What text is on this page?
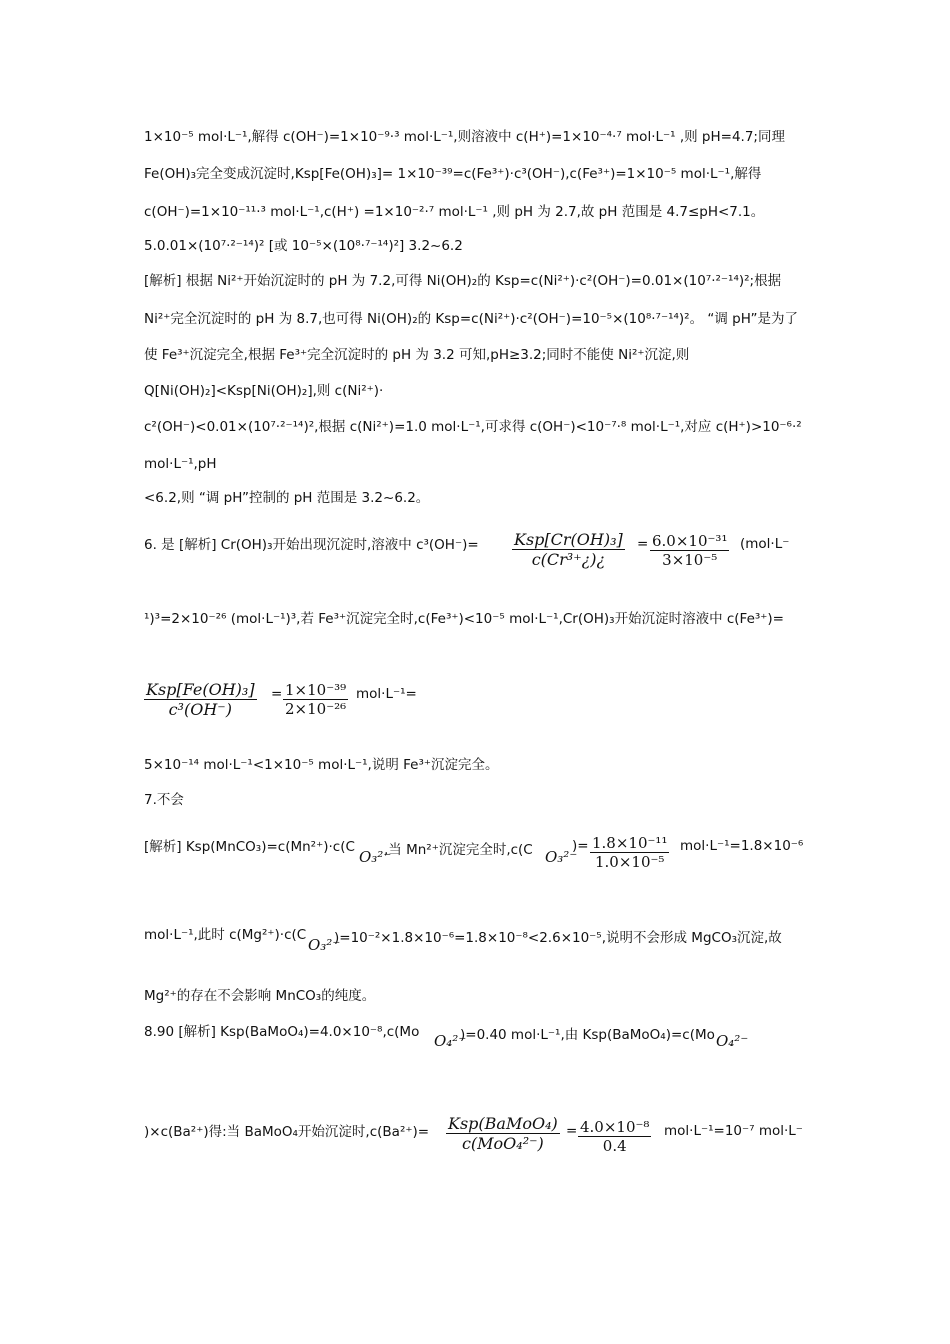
1×10⁻⁵ mol·L⁻¹,解得 c(OH⁻)=1×10⁻⁹·³ mol·L⁻¹,则溶液中 c(H⁺)=1×10⁻⁴·⁷ mol·L⁻¹ ,则 pH=4.7;同理
Fe(OH)₃完全变成沉淀时,Ksp[Fe(OH)₃]= 1×10⁻³⁹=c(Fe³⁺)·c³(OH⁻),c(Fe³⁺)=1×10⁻⁵ mol·L⁻¹,解得
c(OH⁻)=1×10⁻¹¹·³ mol·L⁻¹,c(H⁺) =1×10⁻²·⁷ mol·L⁻¹ ,则 pH 为 2.7,故 pH 范围是 4.7≤pH<7.1。
5.0.01×(10⁷·²⁻¹⁴)² [或 10⁻⁵×(10⁸·⁷⁻¹⁴)²] 3.2~6.2
[解析] 根据 Ni²⁺开始沉淀时的 pH 为 7.2,可得 Ni(OH)₂的 Ksp=c(Ni²⁺)·c²(OH⁻)=0.01×(10⁷·²⁻¹⁴)²;根据
Ni²⁺完全沉淀时的 pH 为 8.7,也可得 Ni(OH)₂的 Ksp=c(Ni²⁺)·c²(OH⁻)=10⁻⁵×(10⁸·⁷⁻¹⁴)²。 “调 pH”是为了
使 Fe³⁺沉淀完全,根据 Fe³⁺完全沉淀时的 pH 为 3.2 可知,pH≥3.2;同时不能使 Ni²⁺沉淀,则
Q[Ni(OH)₂]<Ksp[Ni(OH)₂],则 c(Ni²⁺)·
c²(OH⁻)<0.01×(10⁷·²⁻¹⁴)²,根据 c(Ni²⁺)=1.0 mol·L⁻¹,可求得 c(OH⁻)<10⁻⁷·⁸ mol·L⁻¹,对应 c(H⁺)>10⁻⁶·²
mol·L⁻¹,pH
<6.2,则 “调 pH”控制的 pH 范围是 3.2~6.2。
6. 是 [解析] Cr(OH)₃开始出现沉淀时,溶液中 c³(OH⁻)= Ksp[Cr(OH)₃]
c(Cr³⁺¿)¿
= $\frac{\text{6.0×10⁻³¹}}{\text{3×10⁻⁵}} (mol\cdot L^-$
¹)³=2×10⁻²⁶ (mol·L⁻¹)³,若 Fe³⁺沉淀完全时,c(Fe³⁺)<10⁻⁵ mol·L⁻¹,Cr(OH)₃开始沉淀时溶液中 c(Fe³⁺)=
Ksp[Fe(OH)₃]
c³(OH⁻)
= $\frac{\text{1×10⁻³⁹}}{\text{2×10⁻²⁶}} mol\cdot L^{-1}=$
5×10⁻¹⁴ mol·L⁻¹<1×10⁻⁵ mol·L⁻¹,说明 Fe³⁺沉淀完全。
7.不会
[解析] Ksp(MnCO₃)=c(Mn²⁺)·c(C
O₃²⁻
,当 Mn²⁺沉淀完全时,c(C O₃²⁻
)= $\frac{\text{1.8×10⁻¹¹}}{\text{1.0×10⁻⁵}} mol\cdot L^{-1}=1.8\times 10^{-6}$
mol·L⁻¹,此时 c(Mg²⁺)·c(C
O₃²⁻
)=10⁻²×1.8×10⁻⁶=1.8×10⁻⁸<2.6×10⁻⁵,说明不会形成 MgCO₃沉淀,故
Mg²⁺的存在不会影响 MnCO₃的纯度。
8.90 [解析] Ksp(BaMoO₄)=4.0×10⁻⁸,c(Mo O₄²⁻
)=0.40 mol·L⁻¹,由 Ksp(BaMoO₄)=c(Mo O₄²⁻
)×c(Ba²⁺)得:当 BaMoO₄开始沉淀时,c(Ba²⁺)= Ksp(BaMoO₄)
c(MoO₄²⁻)
= $\frac{\text{4.0×10⁻⁸}}{0.4} mol\cdot L^{-1}=10^{-7}$ mol·L⁻
